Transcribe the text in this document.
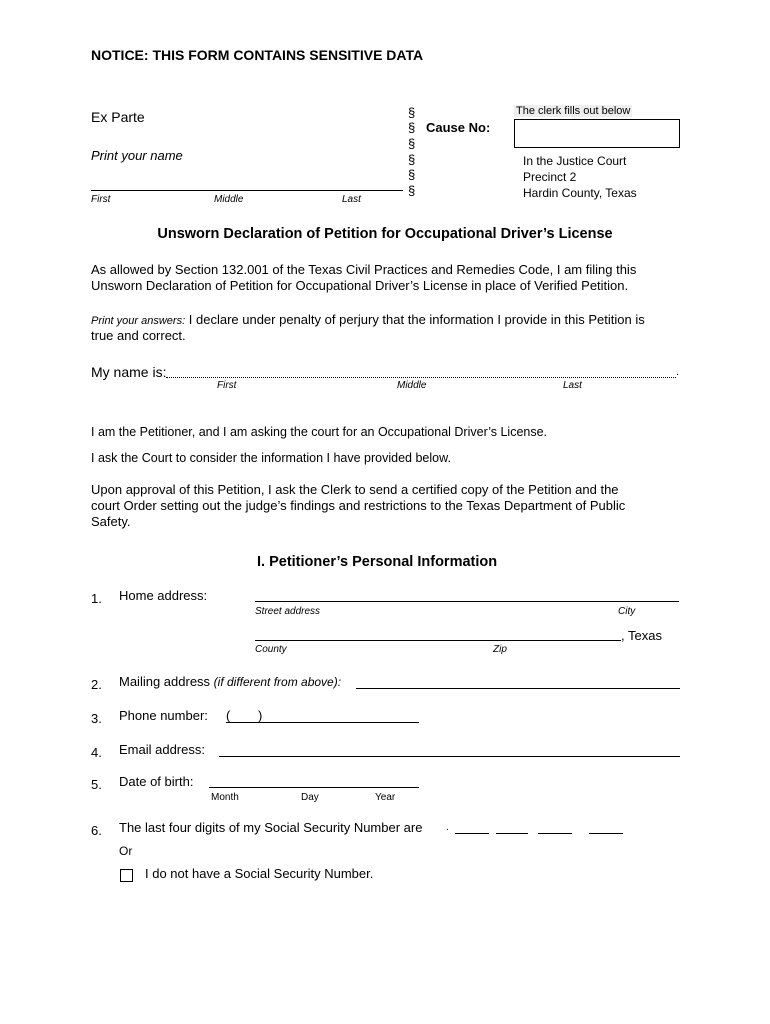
NOTICE: THIS FORM CONTAINS SENSITIVE DATA
Ex Parte
Print your name
First	Middle	Last
§
§
§
§
§
§
Cause No:
The clerk fills out below
In the Justice Court
Precinct 2
Hardin County, Texas
Unsworn Declaration of Petition for Occupational Driver’s License
As allowed by Section 132.001 of the Texas Civil Practices and Remedies Code, I am filing this
Unsworn Declaration of Petition for Occupational Driver’s License in place of Verified Petition.
Print your answers: I declare under penalty of perjury that the information I provide in this Petition is
true and correct.
My name is:	.
First	Middle	Last
I am the Petitioner, and I am asking the court for an Occupational Driver’s License.
I ask the Court to consider the information I have provided below.
Upon approval of this Petition, I ask the Clerk to send a certified copy of the Petition and the
court Order setting out the judge’s findings and restrictions to the Texas Department of Public
Safety.
I. Petitioner’s Personal Information
1. Home address:
Street address	City
, Texas
County	Zip
2. Mailing address (if different from above):
3. Phone number: ( )
4. Email address:
5. Date of birth:
Month	Day	Year
6. The last four digits of my Social Security Number are .
Or
I do not have a Social Security Number.
